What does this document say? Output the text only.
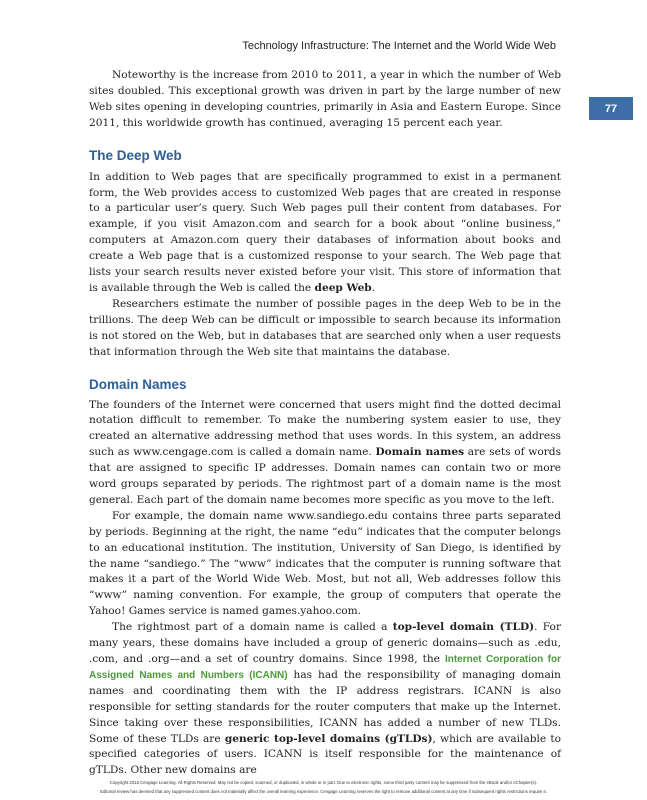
Technology Infrastructure: The Internet and the World Wide Web
77

Noteworthy is the increase from 2010 to 2011, a year in which the number of Web sites doubled. This exceptional growth was driven in part by the large number of new Web sites opening in developing countries, primarily in Asia and Eastern Europe. Since 2011, this worldwide growth has continued, averaging 15 percent each year.

The Deep Web

In addition to Web pages that are specifically programmed to exist in a permanent form, the Web provides access to customized Web pages that are created in response to a particular user’s query. Such Web pages pull their content from databases. For example, if you visit Amazon.com and search for a book about “online business,” computers at Amazon.com query their databases of information about books and create a Web page that is a customized response to your search. The Web page that lists your search results never existed before your visit. This store of information that is available through the Web is called the deep Web.

Researchers estimate the number of possible pages in the deep Web to be in the trillions. The deep Web can be difficult or impossible to search because its information is not stored on the Web, but in databases that are searched only when a user requests that information through the Web site that maintains the database.

Domain Names

The founders of the Internet were concerned that users might find the dotted decimal notation difficult to remember. To make the numbering system easier to use, they created an alternative addressing method that uses words. In this system, an address such as www.cengage.com is called a domain name. Domain names are sets of words that are assigned to specific IP addresses. Domain names can contain two or more word groups separated by periods. The rightmost part of a domain name is the most general. Each part of the domain name becomes more specific as you move to the left.

For example, the domain name www.sandiego.edu contains three parts separated by periods. Beginning at the right, the name “edu” indicates that the computer belongs to an educational institution. The institution, University of San Diego, is identified by the name “sandiego.” The “www” indicates that the computer is running software that makes it a part of the World Wide Web. Most, but not all, Web addresses follow this “www” naming convention. For example, the group of computers that operate the Yahoo! Games service is named games.yahoo.com.

The rightmost part of a domain name is called a top-level domain (TLD). For many years, these domains have included a group of generic domains—such as .edu, .com, and .org—and a set of country domains. Since 1998, the Internet Corporation for Assigned Names and Numbers (ICANN) has had the responsibility of managing domain names and coordinating them with the IP address registrars. ICANN is also responsible for setting standards for the router computers that make up the Internet. Since taking over these responsibilities, ICANN has added a number of new TLDs. Some of these TLDs are generic top-level domains (gTLDs), which are available to specified categories of users. ICANN is itself responsible for the maintenance of gTLDs. Other new domains are

Copyright 2015 Cengage Learning. All Rights Reserved. May not be copied, scanned, or duplicated, in whole or in part. Due to electronic rights, some third party content may be suppressed from the eBook and/or eChapter(s).
Editorial review has deemed that any suppressed content does not materially affect the overall learning experience. Cengage Learning reserves the right to remove additional content at any time if subsequent rights restrictions require it.
